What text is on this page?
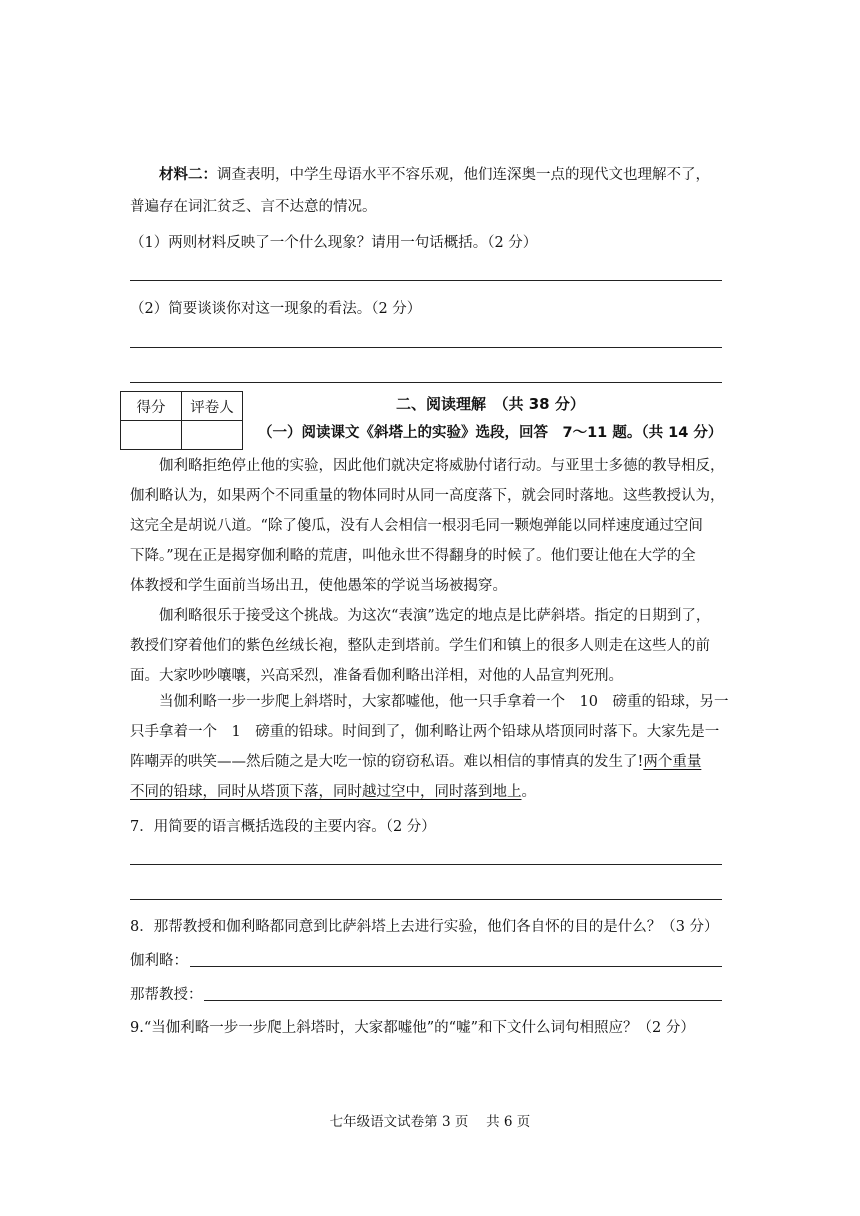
材料二：调查表明，中学生母语水平不容乐观，他们连深奥一点的现代文也理解不了，
普遍存在词汇贫乏、言不达意的情况。
（1）两则材料反映了一个什么现象？请用一句话概括。（2 分）
（2）简要谈谈你对这一现象的看法。（2 分）
得分	评卷人
		二、阅读理解　（共 38 分）
（一）阅读课文《斜塔上的实验》选段，回答　7～11 题。（共 14 分）
伽利略拒绝停止他的实验，因此他们就决定将威胁付诸行动。与亚里士多德的教导相反，
伽利略认为，如果两个不同重量的物体同时从同一高度落下，就会同时落地。这些教授认为，
这完全是胡说八道。“除了傻瓜，没有人会相信一根羽毛同一颗炮弹能以同样速度通过空间
下降。”现在正是揭穿伽利略的荒唐，叫他永世不得翻身的时候了。他们要让他在大学的全
体教授和学生面前当场出丑，使他愚笨的学说当场被揭穿。
伽利略很乐于接受这个挑战。为这次“表演”选定的地点是比萨斜塔。指定的日期到了，
教授们穿着他们的紫色丝绒长袍，整队走到塔前。学生们和镇上的很多人则走在这些人的前
面。大家吵吵嚷嚷，兴高采烈，准备看伽利略出洋相，对他的人品宣判死刑。
当伽利略一步一步爬上斜塔时，大家都嘘他，他一只手拿着一个　10　磅重的铅球，另一
只手拿着一个　1　磅重的铅球。时间到了，伽利略让两个铅球从塔顶同时落下。大家先是一
阵嘲弄的哄笑——然后随之是大吃一惊的窃窃私语。难以相信的事情真的发生了!两个重量
不同的铅球，同时从塔顶下落，同时越过空中，同时落到地上。
7．用简要的语言概括选段的主要内容。（2 分）
8．那帮教授和伽利略都同意到比萨斜塔上去进行实验，他们各自怀的目的是什么？（3 分）
伽利略：
那帮教授：
9.“当伽利略一步一步爬上斜塔时，大家都嘘他”的“嘘”和下文什么词句相照应？（2 分）
七年级语文试卷第 3 页　 共 6 页
